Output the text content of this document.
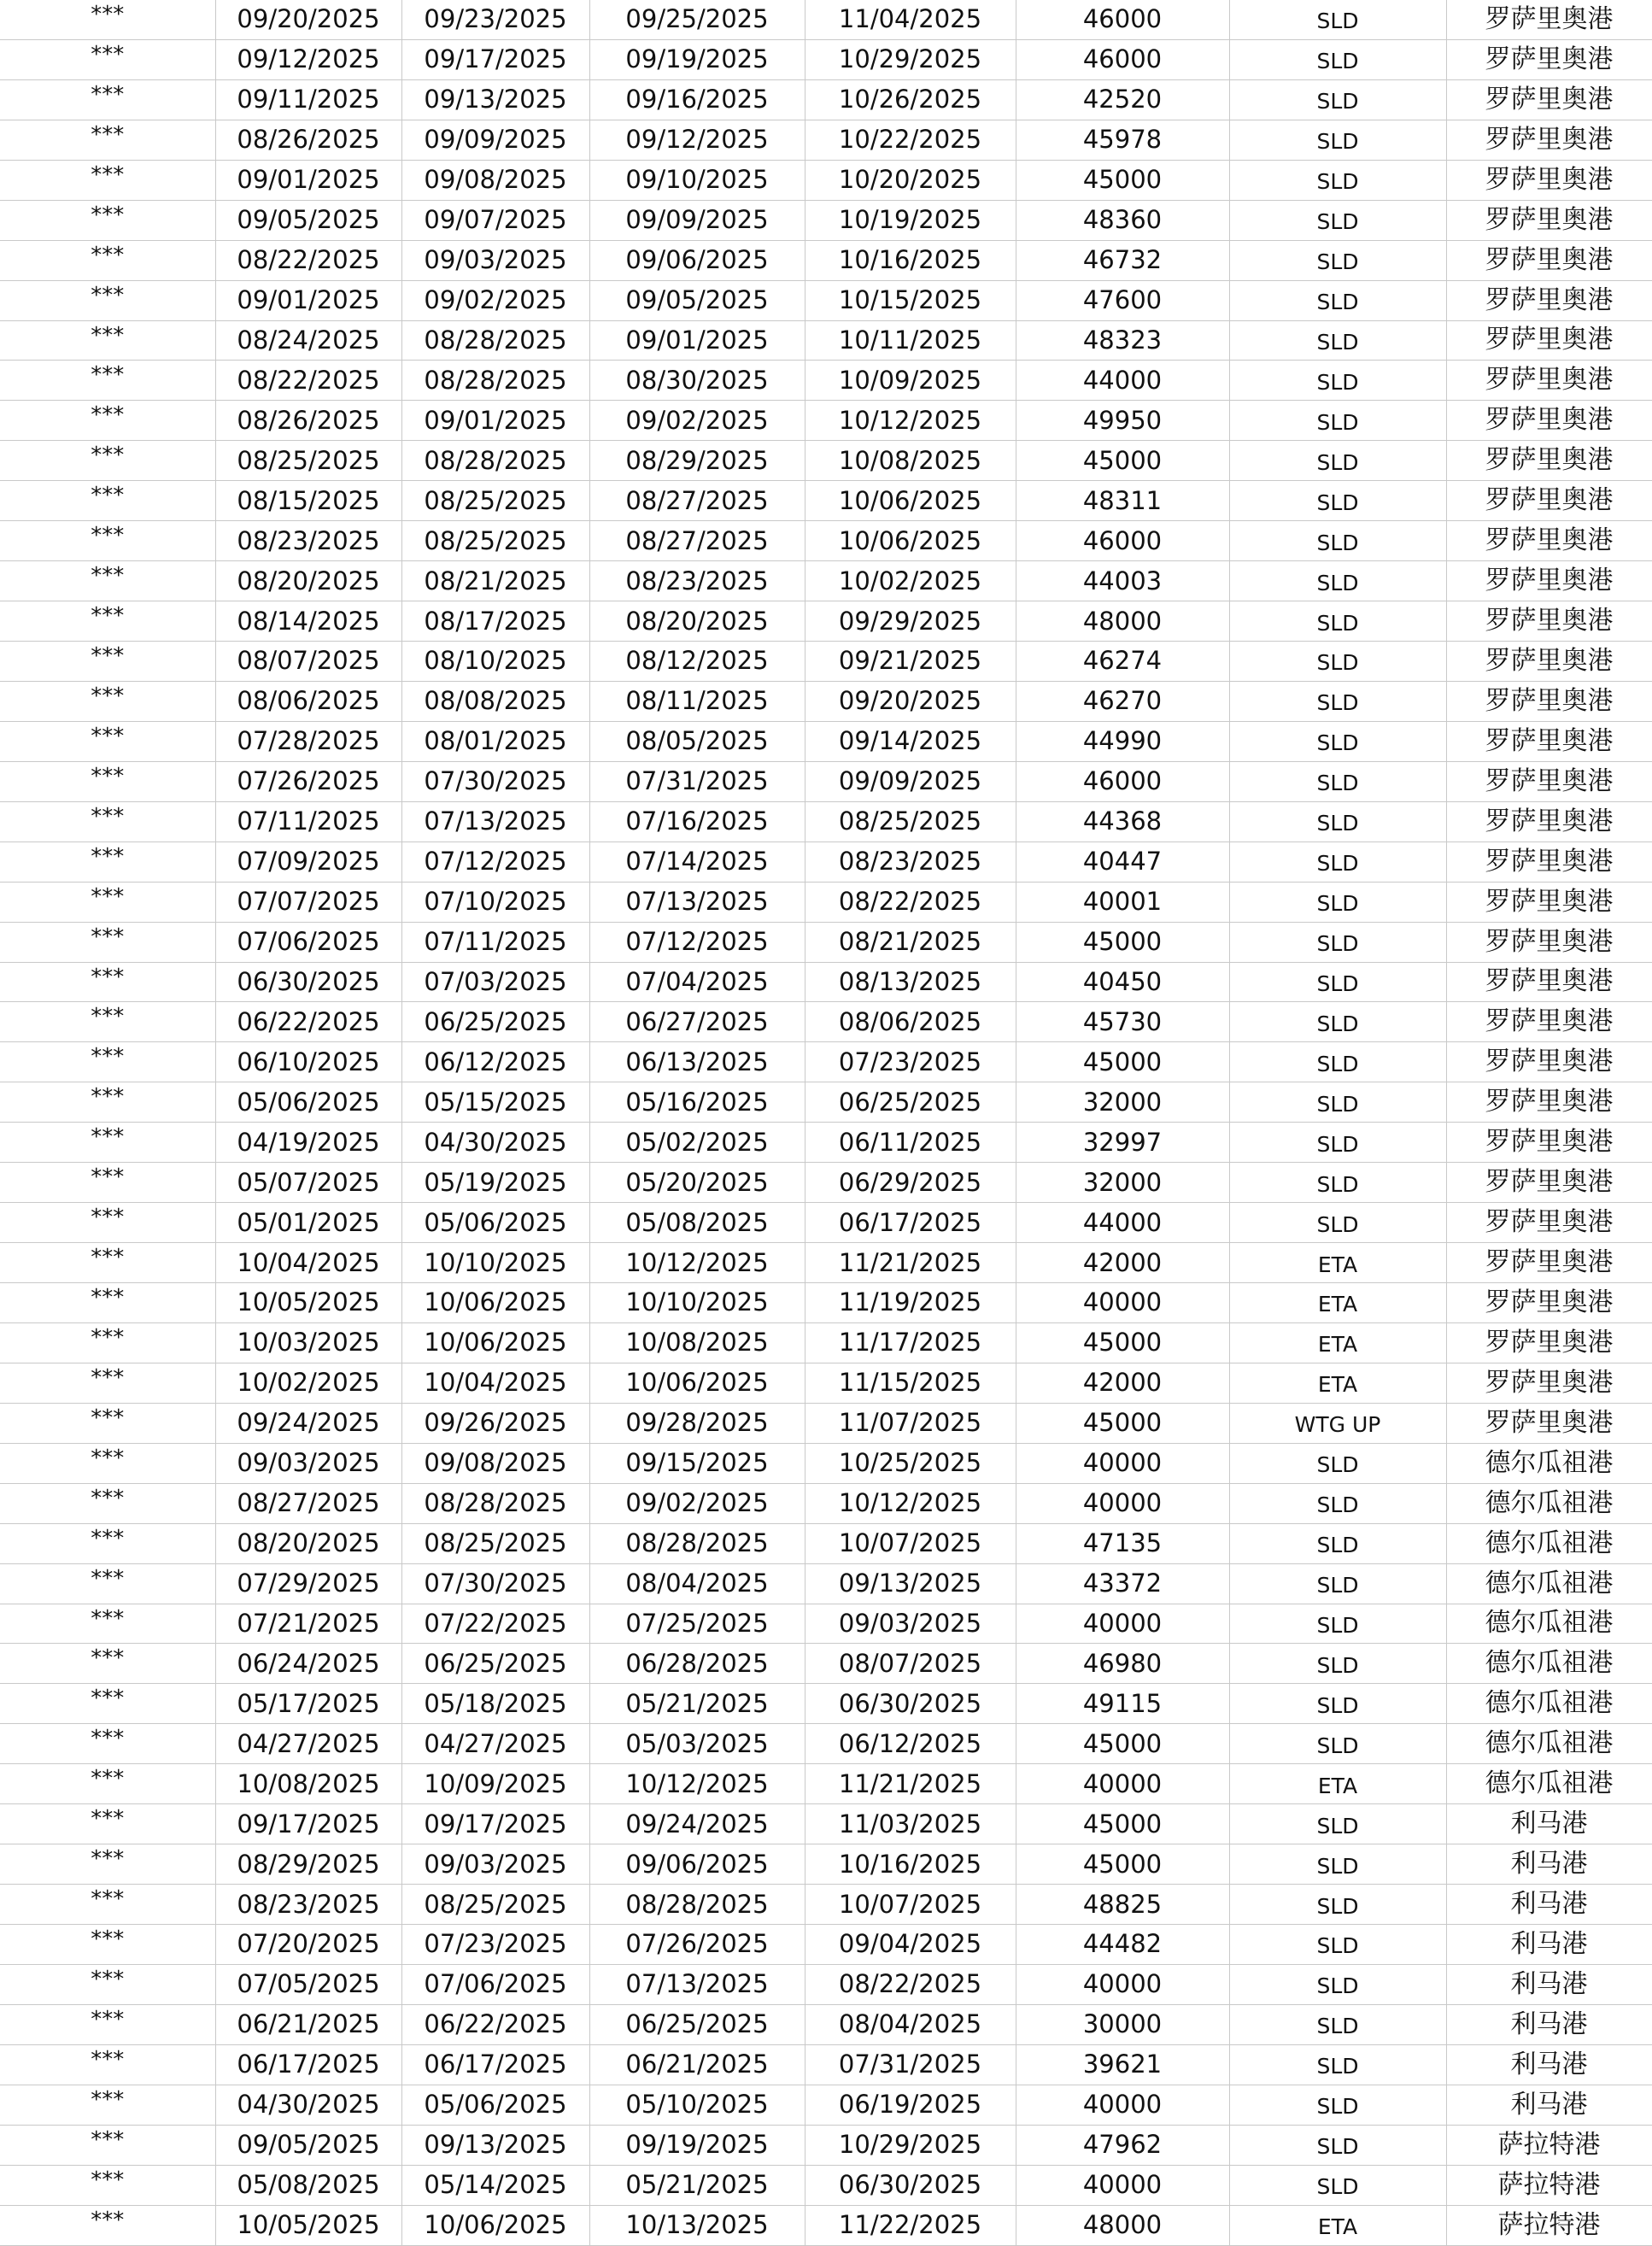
***	09/20/2025	09/23/2025	09/25/2025	11/04/2025	46000	SLD	罗萨里奥港
***	09/12/2025	09/17/2025	09/19/2025	10/29/2025	46000	SLD	罗萨里奥港
***	09/11/2025	09/13/2025	09/16/2025	10/26/2025	42520	SLD	罗萨里奥港
***	08/26/2025	09/09/2025	09/12/2025	10/22/2025	45978	SLD	罗萨里奥港
***	09/01/2025	09/08/2025	09/10/2025	10/20/2025	45000	SLD	罗萨里奥港
***	09/05/2025	09/07/2025	09/09/2025	10/19/2025	48360	SLD	罗萨里奥港
***	08/22/2025	09/03/2025	09/06/2025	10/16/2025	46732	SLD	罗萨里奥港
***	09/01/2025	09/02/2025	09/05/2025	10/15/2025	47600	SLD	罗萨里奥港
***	08/24/2025	08/28/2025	09/01/2025	10/11/2025	48323	SLD	罗萨里奥港
***	08/22/2025	08/28/2025	08/30/2025	10/09/2025	44000	SLD	罗萨里奥港
***	08/26/2025	09/01/2025	09/02/2025	10/12/2025	49950	SLD	罗萨里奥港
***	08/25/2025	08/28/2025	08/29/2025	10/08/2025	45000	SLD	罗萨里奥港
***	08/15/2025	08/25/2025	08/27/2025	10/06/2025	48311	SLD	罗萨里奥港
***	08/23/2025	08/25/2025	08/27/2025	10/06/2025	46000	SLD	罗萨里奥港
***	08/20/2025	08/21/2025	08/23/2025	10/02/2025	44003	SLD	罗萨里奥港
***	08/14/2025	08/17/2025	08/20/2025	09/29/2025	48000	SLD	罗萨里奥港
***	08/07/2025	08/10/2025	08/12/2025	09/21/2025	46274	SLD	罗萨里奥港
***	08/06/2025	08/08/2025	08/11/2025	09/20/2025	46270	SLD	罗萨里奥港
***	07/28/2025	08/01/2025	08/05/2025	09/14/2025	44990	SLD	罗萨里奥港
***	07/26/2025	07/30/2025	07/31/2025	09/09/2025	46000	SLD	罗萨里奥港
***	07/11/2025	07/13/2025	07/16/2025	08/25/2025	44368	SLD	罗萨里奥港
***	07/09/2025	07/12/2025	07/14/2025	08/23/2025	40447	SLD	罗萨里奥港
***	07/07/2025	07/10/2025	07/13/2025	08/22/2025	40001	SLD	罗萨里奥港
***	07/06/2025	07/11/2025	07/12/2025	08/21/2025	45000	SLD	罗萨里奥港
***	06/30/2025	07/03/2025	07/04/2025	08/13/2025	40450	SLD	罗萨里奥港
***	06/22/2025	06/25/2025	06/27/2025	08/06/2025	45730	SLD	罗萨里奥港
***	06/10/2025	06/12/2025	06/13/2025	07/23/2025	45000	SLD	罗萨里奥港
***	05/06/2025	05/15/2025	05/16/2025	06/25/2025	32000	SLD	罗萨里奥港
***	04/19/2025	04/30/2025	05/02/2025	06/11/2025	32997	SLD	罗萨里奥港
***	05/07/2025	05/19/2025	05/20/2025	06/29/2025	32000	SLD	罗萨里奥港
***	05/01/2025	05/06/2025	05/08/2025	06/17/2025	44000	SLD	罗萨里奥港
***	10/04/2025	10/10/2025	10/12/2025	11/21/2025	42000	ETA	罗萨里奥港
***	10/05/2025	10/06/2025	10/10/2025	11/19/2025	40000	ETA	罗萨里奥港
***	10/03/2025	10/06/2025	10/08/2025	11/17/2025	45000	ETA	罗萨里奥港
***	10/02/2025	10/04/2025	10/06/2025	11/15/2025	42000	ETA	罗萨里奥港
***	09/24/2025	09/26/2025	09/28/2025	11/07/2025	45000	WTG UP	罗萨里奥港
***	09/03/2025	09/08/2025	09/15/2025	10/25/2025	40000	SLD	德尔瓜祖港
***	08/27/2025	08/28/2025	09/02/2025	10/12/2025	40000	SLD	德尔瓜祖港
***	08/20/2025	08/25/2025	08/28/2025	10/07/2025	47135	SLD	德尔瓜祖港
***	07/29/2025	07/30/2025	08/04/2025	09/13/2025	43372	SLD	德尔瓜祖港
***	07/21/2025	07/22/2025	07/25/2025	09/03/2025	40000	SLD	德尔瓜祖港
***	06/24/2025	06/25/2025	06/28/2025	08/07/2025	46980	SLD	德尔瓜祖港
***	05/17/2025	05/18/2025	05/21/2025	06/30/2025	49115	SLD	德尔瓜祖港
***	04/27/2025	04/27/2025	05/03/2025	06/12/2025	45000	SLD	德尔瓜祖港
***	10/08/2025	10/09/2025	10/12/2025	11/21/2025	40000	ETA	德尔瓜祖港
***	09/17/2025	09/17/2025	09/24/2025	11/03/2025	45000	SLD	利马港
***	08/29/2025	09/03/2025	09/06/2025	10/16/2025	45000	SLD	利马港
***	08/23/2025	08/25/2025	08/28/2025	10/07/2025	48825	SLD	利马港
***	07/20/2025	07/23/2025	07/26/2025	09/04/2025	44482	SLD	利马港
***	07/05/2025	07/06/2025	07/13/2025	08/22/2025	40000	SLD	利马港
***	06/21/2025	06/22/2025	06/25/2025	08/04/2025	30000	SLD	利马港
***	06/17/2025	06/17/2025	06/21/2025	07/31/2025	39621	SLD	利马港
***	04/30/2025	05/06/2025	05/10/2025	06/19/2025	40000	SLD	利马港
***	09/05/2025	09/13/2025	09/19/2025	10/29/2025	47962	SLD	萨拉特港
***	05/08/2025	05/14/2025	05/21/2025	06/30/2025	40000	SLD	萨拉特港
***	10/05/2025	10/06/2025	10/13/2025	11/22/2025	48000	ETA	萨拉特港
